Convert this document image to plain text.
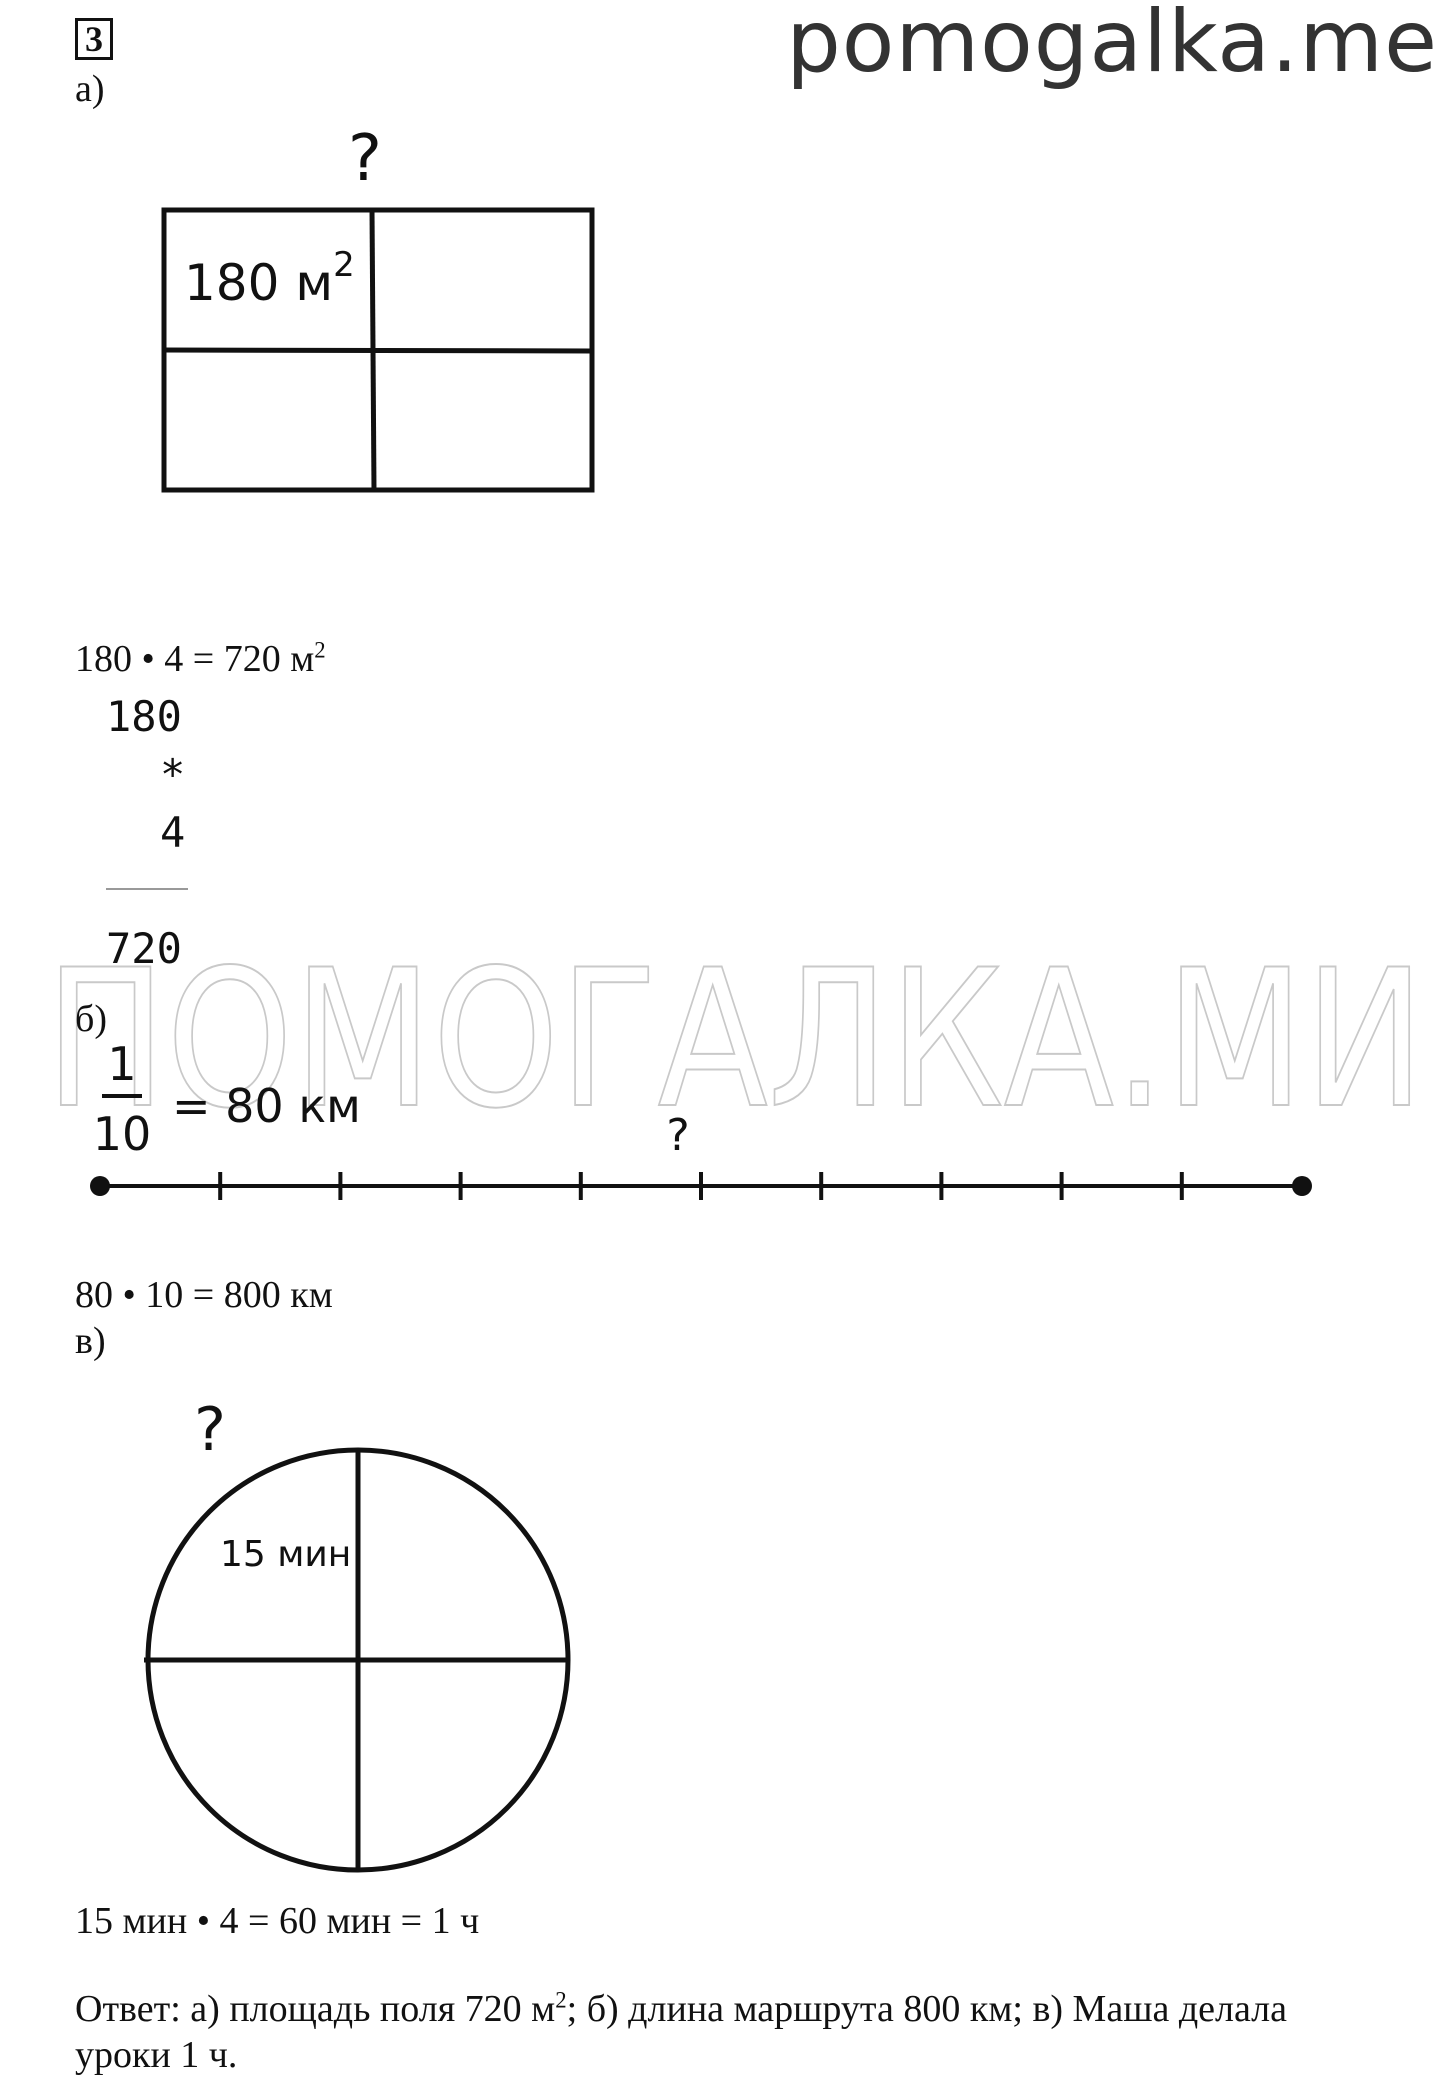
3	pomogalka.me
ПОМОГАЛКА.МИ
а)
?
180 $м^2$
180 • 4 = 720 $м^2$
180
*
4
720
б)
1
10
= 80 км
?
80 • 10 = 800 км
в)
?
15 мин
15 мин • 4 = 60 мин = 1 ч
Ответ: а) площадь поля 720 $м^2$; б) длина маршрута 800 км; в) Маша делала
уроки 1 ч.
